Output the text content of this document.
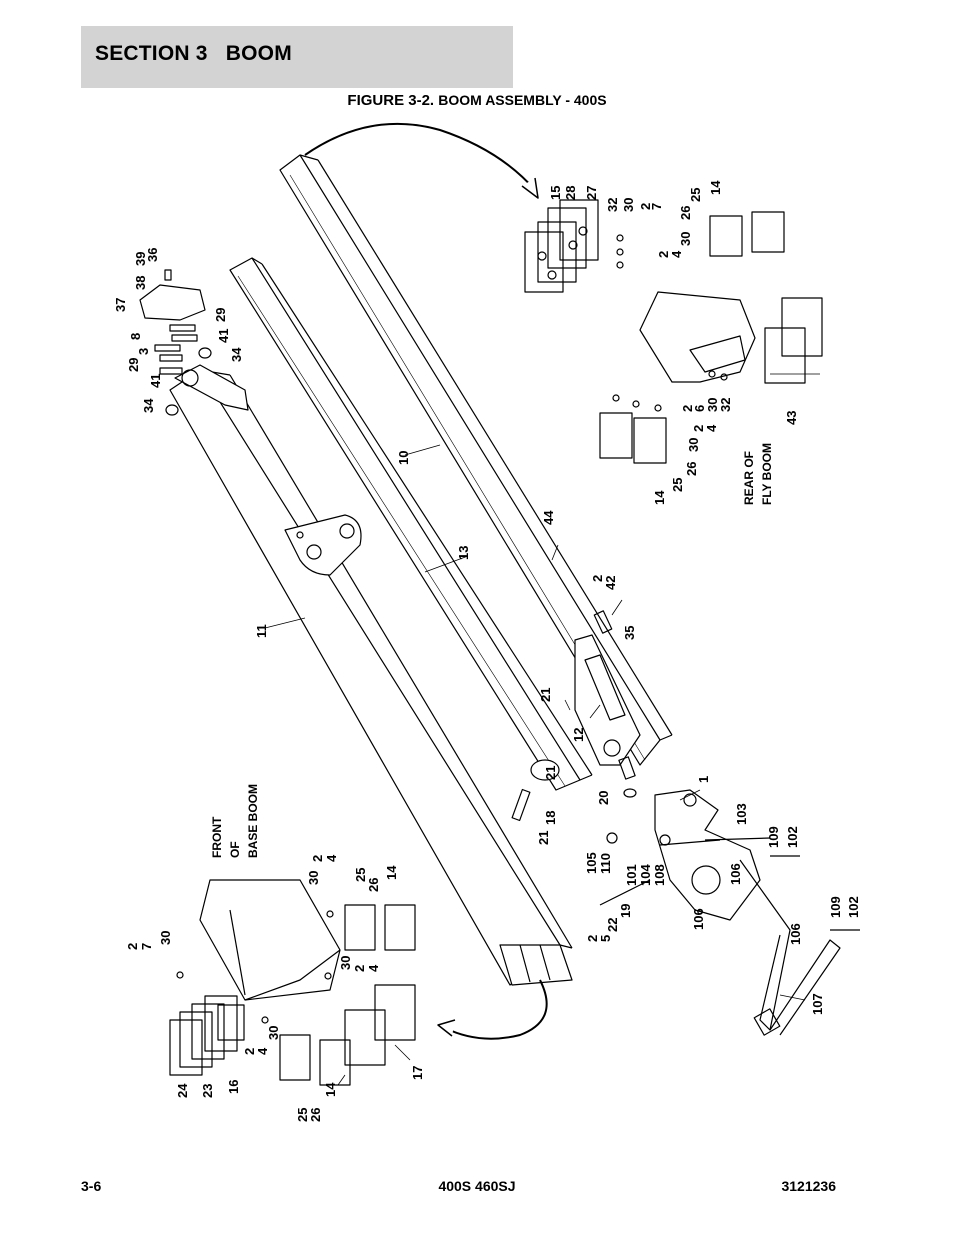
SECTION 3 BOOM
FIGURE 3-2. BOOM ASSEMBLY - 400S
15 28 27
32 30 2
7
25 14
26
30
2
4
36
39
38
37
29
8
3
41
34
29
41
34	2
6
30
32
2
4
30
43
26
25
14
10
44
13
11
2
42
35
21
12
21
21
18
20
1
103
109 102
105 110
101 104 108	106
19
22
2
5
106
109 102
106
107
30
2 4
25
26
14
2 7
30
30 2 4
24 23 16
2
4
30
25
26
14
17
REAR OF FLY BOOM
FRONT OF BASE BOOM
3-6	400S 460SJ	3121236
